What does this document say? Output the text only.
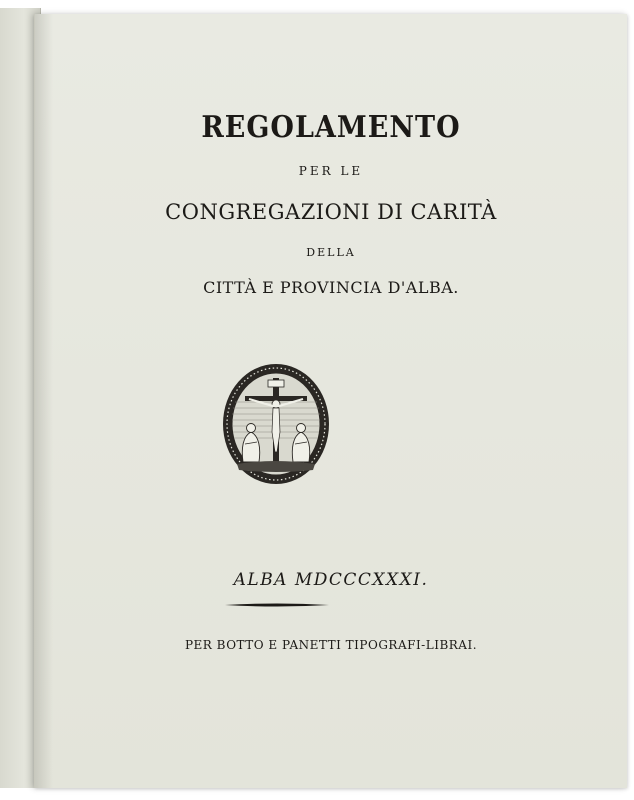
REGOLAMENTO
PER LE
CONGREGAZIONI DI CARITÀ
DELLA
CITTÀ E PROVINCIA D'ALBA.
ALBA MDCCCXXXI.
PER BOTTO E PANETTI TIPOGRAFI-LIBRAI.
